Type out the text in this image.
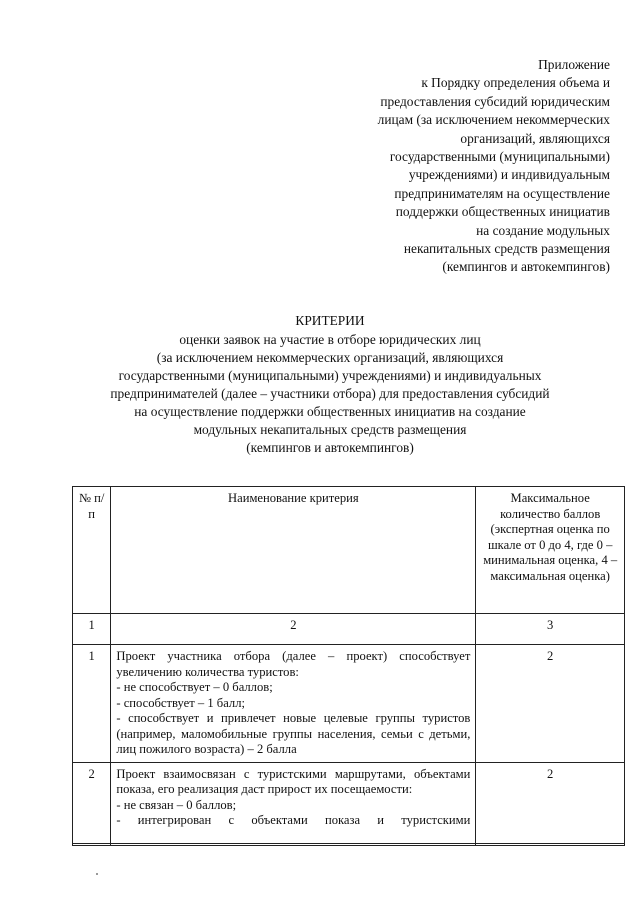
Приложение
к Порядку определения объема и
предоставления субсидий юридическим
лицам (за исключением некоммерческих
организаций, являющихся
государственными (муниципальными)
учреждениями) и индивидуальным
предпринимателям на осуществление
поддержки общественных инициатив
на создание модульных
некапитальных средств размещения
(кемпингов и автокемпингов)
КРИТЕРИИ
оценки заявок на участие в отборе юридических лиц
(за исключением некоммерческих организаций, являющихся
государственными (муниципальными) учреждениями) и индивидуальных
предпринимателей (далее – участники отбора) для предоставления субсидий
на осуществление поддержки общественных инициатив на создание
модульных некапитальных средств размещения
(кемпингов и автокемпингов)
№ п/п	Наименование критерия	Максимальное количество баллов (экспертная оценка по шкале от 0 до 4, где 0 – минимальная оценка, 4 – максимальная оценка)
1	2	3
1	Проект участника отбора (далее – проект) способствует увеличению количества туристов:
- не способствует – 0 баллов;
- способствует – 1 балл;
- способствует и привлечет новые целевые группы туристов (например, маломобильные группы населения, семьи с детьми, лиц пожилого возраста) – 2 балла	2
2	Проект взаимосвязан с туристскими маршрутами, объектами показа, его реализация даст прирост их посещаемости:
- не связан – 0 баллов;
- интегрирован с объектами показа и туристскими	2
